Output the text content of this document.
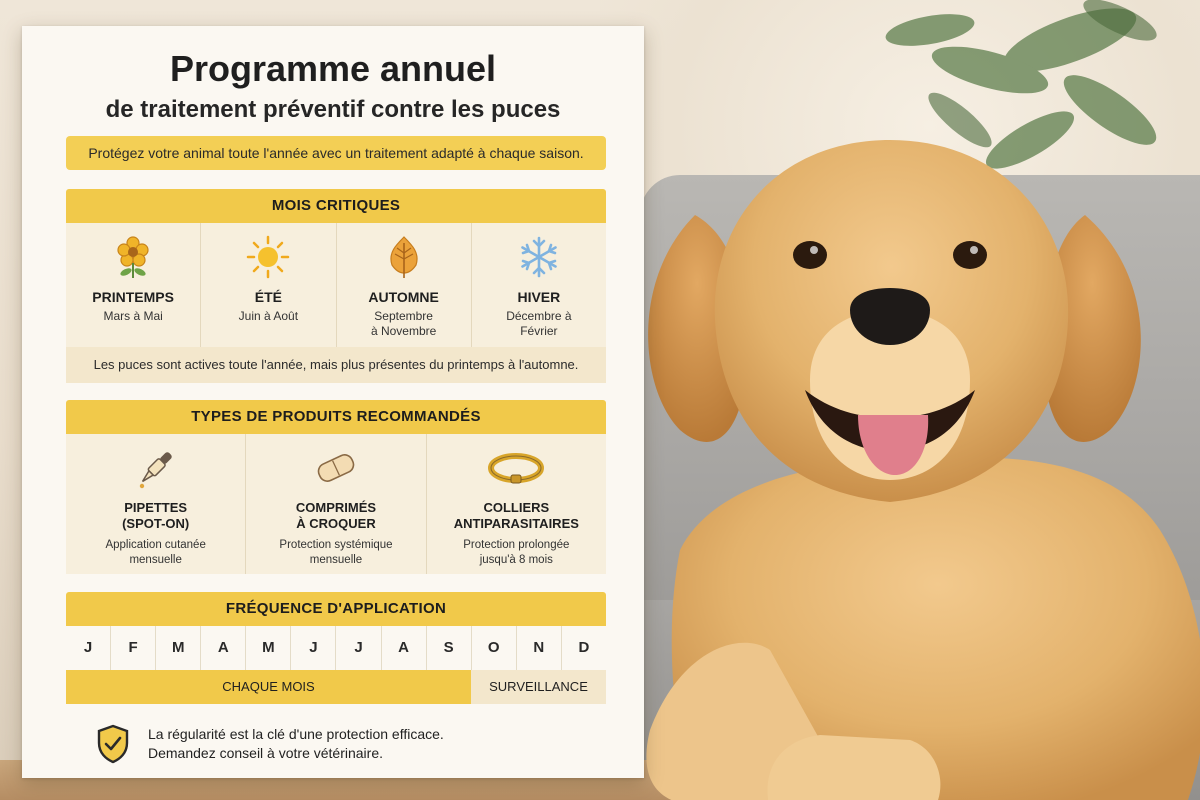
Programme annuel
de traitement préventif contre les puces
Protégez votre animal toute l'année avec un traitement adapté à chaque saison.
MOIS CRITIQUES
PRINTEMPS
Mars à Mai
ÉTÉ
Juin à Août
AUTOMNE
Septembre
à Novembre
HIVER
Décembre à
Février
Les puces sont actives toute l'année, mais plus présentes du printemps à l'automne.
TYPES DE PRODUITS RECOMMANDÉS
PIPETTES
(SPOT-ON)
Application cutanée
mensuelle
COMPRIMÉS
À CROQUER
Protection systémique
mensuelle
COLLIERS
ANTIPARASITAIRES
Protection prolongée
jusqu'à 8 mois
FRÉQUENCE D'APPLICATION
J	F	M	A	M	J	J	A	S	O	N	D
CHAQUE MOIS	SURVEILLANCE
La régularité est la clé d'une protection efficace.
Demandez conseil à votre vétérinaire.
